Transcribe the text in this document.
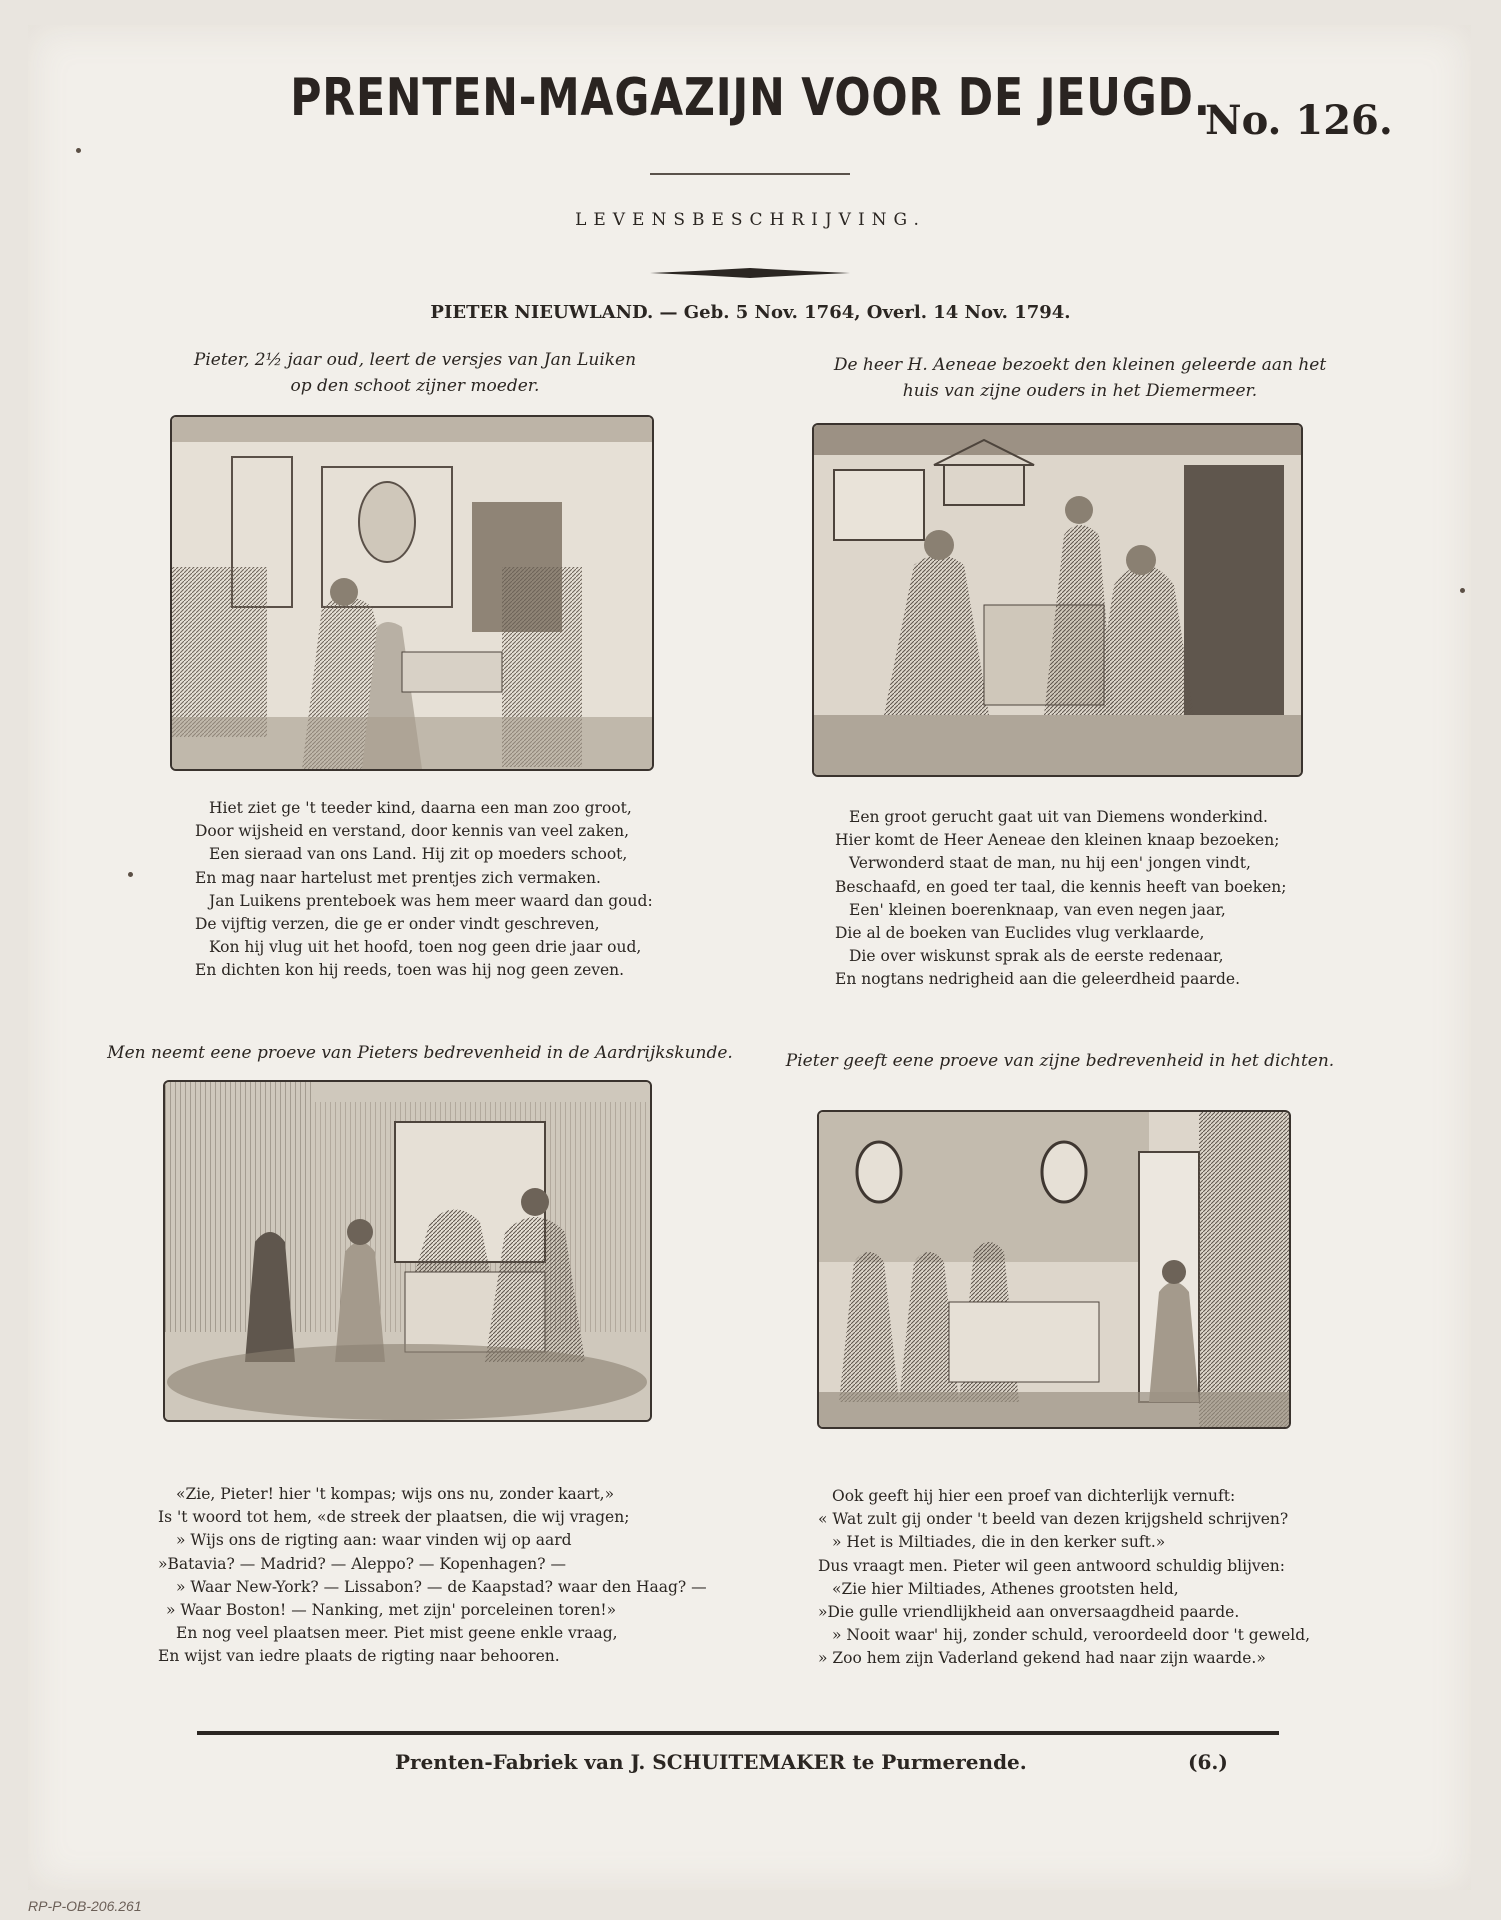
PRENTEN-MAGAZIJN VOOR DE JEUGD.
No. 126.
LEVENSBESCHRIJVING.
PIETER NIEUWLAND. — Geb. 5 Nov. 1764, Overl. 14 Nov. 1794.
Pieter, 2½ jaar oud, leert de versjes van Jan Luiken
op den schoot zijner moeder.
Hiet ziet ge 't teeder kind, daarna een man zoo groot,
Door wijsheid en verstand, door kennis van veel zaken,
Een sieraad van ons Land. Hij zit op moeders schoot,
En mag naar hartelust met prentjes zich vermaken.
Jan Luikens prenteboek was hem meer waard dan goud:
De vijftig verzen, die ge er onder vindt geschreven,
Kon hij vlug uit het hoofd, toen nog geen drie jaar oud,
En dichten kon hij reeds, toen was hij nog geen zeven.
De heer H. Aeneae bezoekt den kleinen geleerde aan het
huis van zijne ouders in het Diemermeer.
Een groot gerucht gaat uit van Diemens wonderkind.
Hier komt de Heer Aeneae den kleinen knaap bezoeken;
Verwonderd staat de man, nu hij een' jongen vindt,
Beschaafd, en goed ter taal, die kennis heeft van boeken;
Een' kleinen boerenknaap, van even negen jaar,
Die al de boeken van Euclides vlug verklaarde,
Die over wiskunst sprak als de eerste redenaar,
En nogtans nedrigheid aan die geleerdheid paarde.
Men neemt eene proeve van Pieters bedrevenheid in de Aardrijkskunde.
«Zie, Pieter! hier 't kompas; wijs ons nu, zonder kaart,»
Is 't woord tot hem, «de streek der plaatsen, die wij vragen;
» Wijs ons de rigting aan: waar vinden wij op aard
»Batavia? — Madrid? — Aleppo? — Kopenhagen? —
» Waar New-York? — Lissabon? — de Kaapstad? waar den Haag? —
» Waar Boston! — Nanking, met zijn' porceleinen toren!»
En nog veel plaatsen meer. Piet mist geene enkle vraag,
En wijst van iedre plaats de rigting naar behooren.
Pieter geeft eene proeve van zijne bedrevenheid in het dichten.
Ook geeft hij hier een proef van dichterlijk vernuft:
« Wat zult gij onder 't beeld van dezen krijgsheld schrijven?
» Het is Miltiades, die in den kerker suft.»
Dus vraagt men. Pieter wil geen antwoord schuldig blijven:
«Zie hier Miltiades, Athenes grootsten held,
»Die gulle vriendlijkheid aan onversaagdheid paarde.
» Nooit waar' hij, zonder schuld, veroordeeld door 't geweld,
» Zoo hem zijn Vaderland gekend had naar zijn waarde.»
Prenten-Fabriek van J. SCHUITEMAKER te Purmerende.	(6.)
RP-P-OB-206.261
